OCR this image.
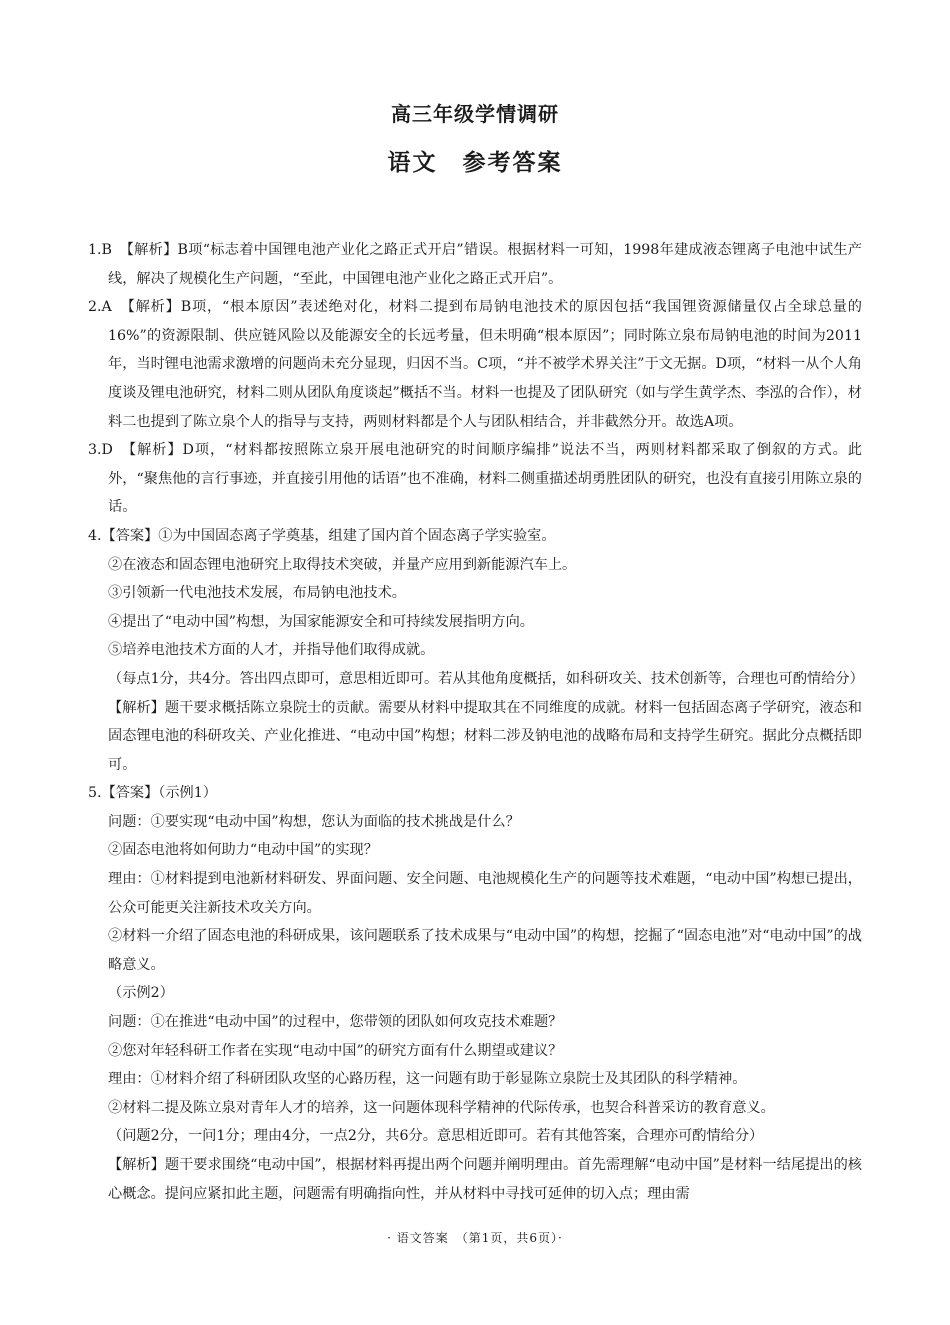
高三年级学情调研
语文　参考答案

1.B　【解析】B项“标志着中国锂电池产业化之路正式开启”错误。根据材料一可知，1998年建成液态锂离子电池中试生产线，解决了规模化生产问题，“至此，中国锂电池产业化之路正式开启”。

2.A　【解析】B项，“根本原因”表述绝对化，材料二提到布局钠电池技术的原因包括“我国锂资源储量仅占全球总量的16%”的资源限制、供应链风险以及能源安全的长远考量，但未明确“根本原因”；同时陈立泉布局钠电池的时间为2011年，当时锂电池需求激增的问题尚未充分显现，归因不当。C项，“并不被学术界关注”于文无据。D项，“材料一从个人角度谈及锂电池研究，材料二则从团队角度谈起”概括不当。材料一也提及了团队研究（如与学生黄学杰、李泓的合作），材料二也提到了陈立泉个人的指导与支持，两则材料都是个人与团队相结合，并非截然分开。故选A项。

3.D　【解析】D项，“材料都按照陈立泉开展电池研究的时间顺序编排”说法不当，两则材料都采取了倒叙的方式。此外，“聚焦他的言行事迹，并直接引用他的话语”也不准确，材料二侧重描述胡勇胜团队的研究，也没有直接引用陈立泉的话。

4.【答案】①为中国固态离子学奠基，组建了国内首个固态离子学实验室。

②在液态和固态锂电池研究上取得技术突破，并量产应用到新能源汽车上。

③引领新一代电池技术发展，布局钠电池技术。

④提出了“电动中国”构想，为国家能源安全和可持续发展指明方向。

⑤培养电池技术方面的人才，并指导他们取得成就。

（每点1分，共4分。答出四点即可，意思相近即可。若从其他角度概括，如科研攻关、技术创新等，合理也可酌情给分）

【解析】题干要求概括陈立泉院士的贡献。需要从材料中提取其在不同维度的成就。材料一包括固态离子学研究，液态和固态锂电池的科研攻关、产业化推进、“电动中国”构想；材料二涉及钠电池的战略布局和支持学生研究。据此分点概括即可。

5.【答案】（示例1）

问题：①要实现“电动中国”构想，您认为面临的技术挑战是什么？

②固态电池将如何助力“电动中国”的实现？

理由：①材料提到电池新材料研发、界面问题、安全问题、电池规模化生产的问题等技术难题，“电动中国”构想已提出，公众可能更关注新技术攻关方向。

②材料一介绍了固态电池的科研成果，该问题联系了技术成果与“电动中国”的构想，挖掘了“固态电池”对“电动中国”的战略意义。

（示例2）

问题：①在推进“电动中国”的过程中，您带领的团队如何攻克技术难题？

②您对年轻科研工作者在实现“电动中国”的研究方面有什么期望或建议？

理由：①材料介绍了科研团队攻坚的心路历程，这一问题有助于彰显陈立泉院士及其团队的科学精神。

②材料二提及陈立泉对青年人才的培养，这一问题体现科学精神的代际传承，也契合科普采访的教育意义。

（问题2分，一问1分；理由4分，一点2分，共6分。意思相近即可。若有其他答案，合理亦可酌情给分）

【解析】题干要求围绕“电动中国”，根据材料再提出两个问题并阐明理由。首先需理解“电动中国”是材料一结尾提出的核心概念。提问应紧扣此主题，问题需有明确指向性，并从材料中寻找可延伸的切入点；理由需

· 语文答案　（第1页，共6页）·
